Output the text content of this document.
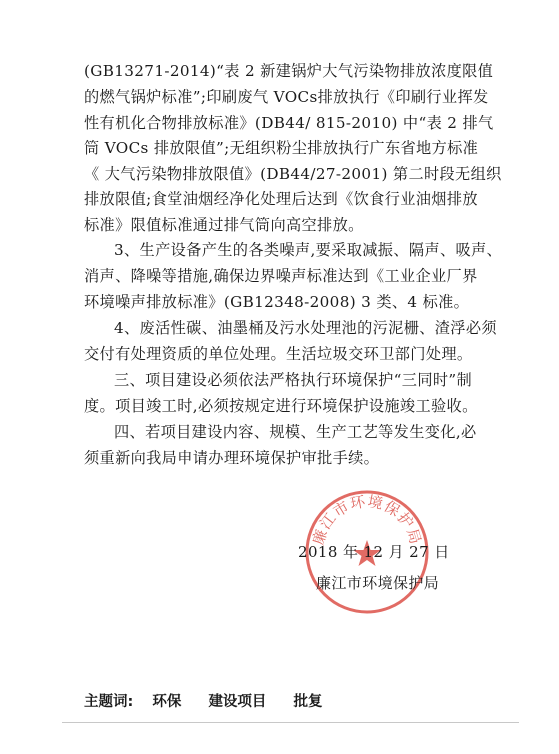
(GB13271-2014)“表 2 新建锅炉大气污染物排放浓度限值
的燃气锅炉标准”;印刷废气 VOCs排放执行《印刷行业挥发
性有机化合物排放标准》(DB44/ 815-2010) 中“表 2 排气
筒 VOCs 排放限值”;无组织粉尘排放执行广东省地方标准
《 大气污染物排放限值》(DB44/27-2001) 第二时段无组织
排放限值;食堂油烟经净化处理后达到《饮食行业油烟排放
标准》限值标准通过排气筒向高空排放。
3、生产设备产生的各类噪声,要采取减振、隔声、吸声、
消声、降噪等措施,确保边界噪声标准达到《工业企业厂界
环境噪声排放标准》(GB12348-2008) 3 类、4 标准。
4、废活性碳、油墨桶及污水处理池的污泥栅、渣浮必须
交付有处理资质的单位处理。生活垃圾交环卫部门处理。
三、项目建设必须依法严格执行环境保护“三同时”制
度。项目竣工时,必须按规定进行环境保护设施竣工验收。
四、若项目建设内容、规模、生产工艺等发生变化,必
须重新向我局申请办理环境保护审批手续。
廉江市环境保护局
2018 年 12 月 27 日
廉江市环境保护局
主题词: 环保 建设项目 批复
